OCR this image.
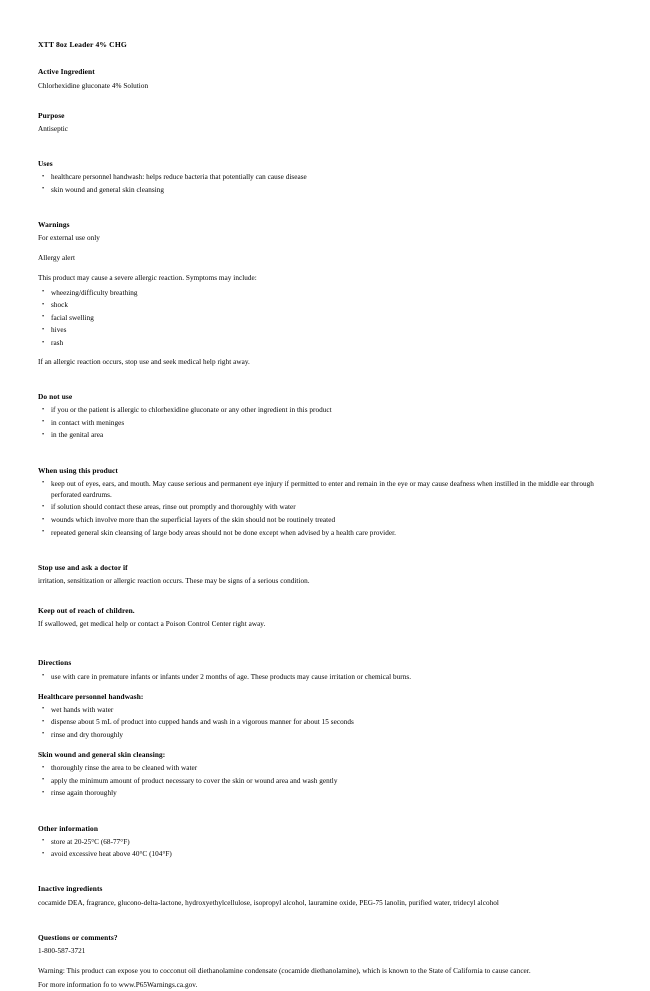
XTT 8oz Leader 4% CHG
Active Ingredient
Chlorhexidine gluconate 4% Solution
Purpose
Antiseptic
Uses
• healthcare personnel handwash: helps reduce bacteria that potentially can cause disease
• skin wound and general skin cleansing
Warnings
For external use only
Allergy alert
This product may cause a severe allergic reaction. Symptoms may include:
• wheezing/difficulty breathing
• shock
• facial swelling
• hives
• rash
If an allergic reaction occurs, stop use and seek medical help right away.
Do not use
• if you or the patient is allergic to chlorhexidine gluconate or any other ingredient in this product
• in contact with meninges
• in the genital area
When using this product
• keep out of eyes, ears, and mouth. May cause serious and permanent eye injury if permitted to enter and remain in the eye or may cause deafness when instilled in the middle ear through perforated eardrums.
• if solution should contact these areas, rinse out promptly and thoroughly with water
• wounds which involve more than the superficial layers of the skin should not be routinely treated
• repeated general skin cleansing of large body areas should not be done except when advised by a health care provider.
Stop use and ask a doctor if
irritation, sensitization or allergic reaction occurs. These may be signs of a serious condition.
Keep out of reach of children.
If swallowed, get medical help or contact a Poison Control Center right away.
Directions
• use with care in premature infants or infants under 2 months of age. These products may cause irritation or chemical burns.
Healthcare personnel handwash:
• wet hands with water
• dispense about 5 mL of product into cupped hands and wash in a vigorous manner for about 15 seconds
• rinse and dry thoroughly
Skin wound and general skin cleansing:
• thoroughly rinse the area to be cleaned with water
• apply the minimum amount of product necessary to cover the skin or wound area and wash gently
• rinse again thoroughly
Other information
• store at 20-25°C (68-77°F)
• avoid excessive heat above 40°C (104°F)
Inactive ingredients
cocamide DEA, fragrance, glucono-delta-lactone, hydroxyethylcellulose, isopropyl alcohol, lauramine oxide, PEG-75 lanolin, purified water, tridecyl alcohol
Questions or comments?
1-800-587-3721
Warning: This product can expose you to cocconut oil diethanolamine condensate (cocamide diethanolamine), which is known to the State of California to cause cancer.
For more information fo to www.P65Warnings.ca.gov.
